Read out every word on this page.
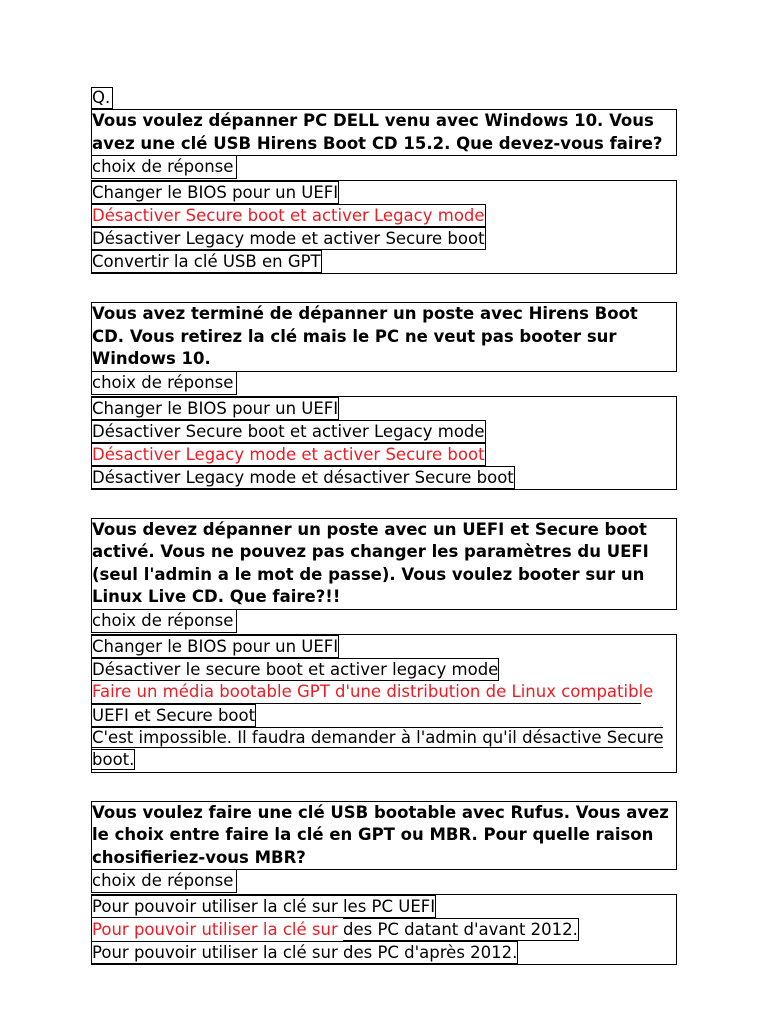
Q.
Vous voulez dépanner PC DELL venu avec Windows 10. Vous avez une clé USB Hirens Boot CD 15.2. Que devez-vous faire?
choix de réponse
Changer le BIOS pour un UEFI
Désactiver Secure boot et activer Legacy mode
Désactiver Legacy mode et activer Secure boot
Convertir la clé USB en GPT
Vous avez terminé de dépanner un poste avec Hirens Boot CD. Vous retirez la clé mais le PC ne veut pas booter sur Windows 10.
choix de réponse
Changer le BIOS pour un UEFI
Désactiver Secure boot et activer Legacy mode
Désactiver Legacy mode et activer Secure boot
Désactiver Legacy mode et désactiver Secure boot
Vous devez dépanner un poste avec un UEFI et Secure boot activé. Vous ne pouvez pas changer les paramètres du UEFI (seul l'admin a le mot de passe). Vous voulez booter sur un Linux Live CD. Que faire?!!
choix de réponse
Changer le BIOS pour un UEFI
Désactiver le secure boot et activer legacy mode
Faire un média bootable GPT d'une distribution de Linux compatible
UEFI et Secure boot
C'est impossible. Il faudra demander à l'admin qu'il désactive Secure boot.
Vous voulez faire une clé USB bootable avec Rufus. Vous avez le choix entre faire la clé en GPT ou MBR. Pour quelle raison chosifieriez-vous MBR?
choix de réponse
Pour pouvoir utiliser la clé sur les PC UEFI
Pour pouvoir utiliser la clé sur des PC datant d'avant 2012.
Pour pouvoir utiliser la clé sur des PC d'après 2012.
